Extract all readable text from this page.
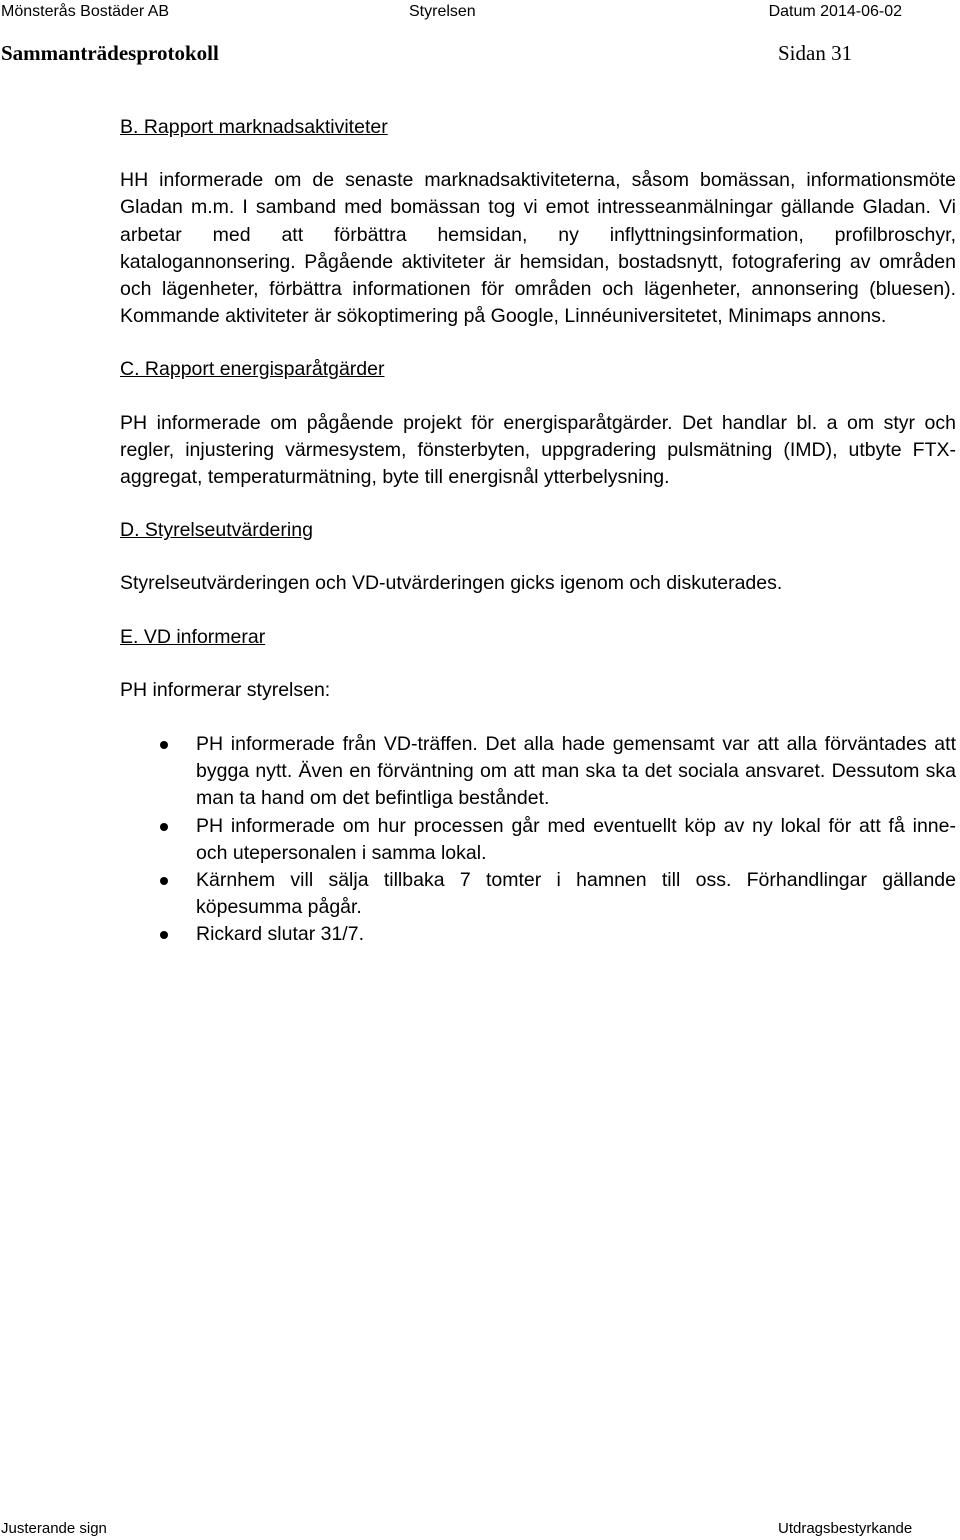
Mönsterås Bostäder AB	Styrelsen	Datum 2014-06-02
Sammanträdesprotokoll	Sidan 31

B. Rapport marknadsaktiviteter

HH informerade om de senaste marknadsaktiviteterna, såsom bomässan, informationsmöte Gladan m.m. I samband med bomässan tog vi emot intresseanmälningar gällande Gladan. Vi arbetar med att förbättra hemsidan, ny inflyttningsinformation, profilbroschyr, katalogannonsering. Pågående aktiviteter är hemsidan, bostadsnytt, fotografering av områden och lägenheter, förbättra informationen för områden och lägenheter, annonsering (bluesen). Kommande aktiviteter är sökoptimering på Google, Linnéuniversitetet, Minimaps annons.

C. Rapport energisparåtgärder

PH informerade om pågående projekt för energisparåtgärder. Det handlar bl. a om styr och regler, injustering värmesystem, fönsterbyten, uppgradering pulsmätning (IMD), utbyte FTX-aggregat, temperaturmätning, byte till energisnål ytterbelysning.

D. Styrelseutvärdering

Styrelseutvärderingen och VD-utvärderingen gicks igenom och diskuterades.

E. VD informerar

PH informerar styrelsen:

PH informerade från VD-träffen. Det alla hade gemensamt var att alla förväntades att bygga nytt. Även en förväntning om att man ska ta det sociala ansvaret. Dessutom ska man ta hand om det befintliga beståndet.
PH informerade om hur processen går med eventuellt köp av ny lokal för att få inne- och utepersonalen i samma lokal.
Kärnhem vill sälja tillbaka 7 tomter i hamnen till oss. Förhandlingar gällande köpesumma pågår.
Rickard slutar 31/7.
Justerande sign	Utdragsbestyrkande
